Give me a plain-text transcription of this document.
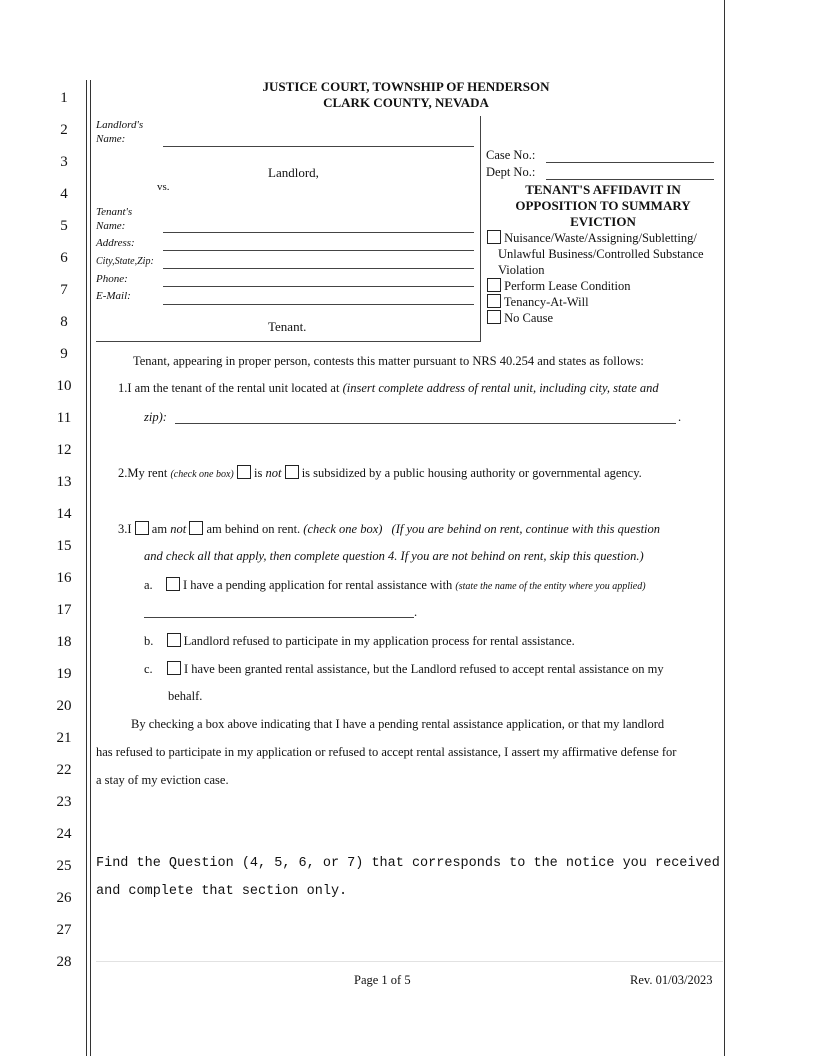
1
2
3
4
5
6
7
8
9
10
11
12
13
14
15
16
17
18
19
20
21
22
23
24
25
26
27
28
JUSTICE COURT, TOWNSHIP OF HENDERSON
CLARK COUNTY, NEVADA
Landlord's
Name:
Landlord,
vs.
Tenant's
Name:
Address:
City,State,Zip:
Phone:
E-Mail:
Tenant.
Case No.:
Dept No.:
TENANT'S AFFIDAVIT IN
OPPOSITION TO SUMMARY
EVICTION
Nuisance/Waste/Assigning/Subletting/
Unlawful Business/Controlled Substance
Violation
Perform Lease Condition
Tenancy-At-Will
No Cause
Tenant, appearing in proper person, contests this matter pursuant to NRS 40.254 and states as follows:
1.I am the tenant of the rental unit located at (insert complete address of rental unit, including city, state and
zip):	.
2.My rent (check one box) is not is subsidized by a public housing authority or governmental agency.
3.I am not am behind on rent. (check one box) (If you are behind on rent, continue with this question
and check all that apply, then complete question 4. If you are not behind on rent, skip this question.)
a. I have a pending application for rental assistance with (state the name of the entity where you applied)
.
b. Landlord refused to participate in my application process for rental assistance.
c.	I have been granted rental assistance, but the Landlord refused to accept rental assistance on my
behalf.
By checking a box above indicating that I have a pending rental assistance application, or that my landlord
has refused to participate in my application or refused to accept rental assistance, I assert my affirmative defense for
a stay of my eviction case.
Find the Question (4, 5, 6, or 7) that corresponds to the notice you received
and complete that section only.
Page 1 of 5	Rev. 01/03/2023
